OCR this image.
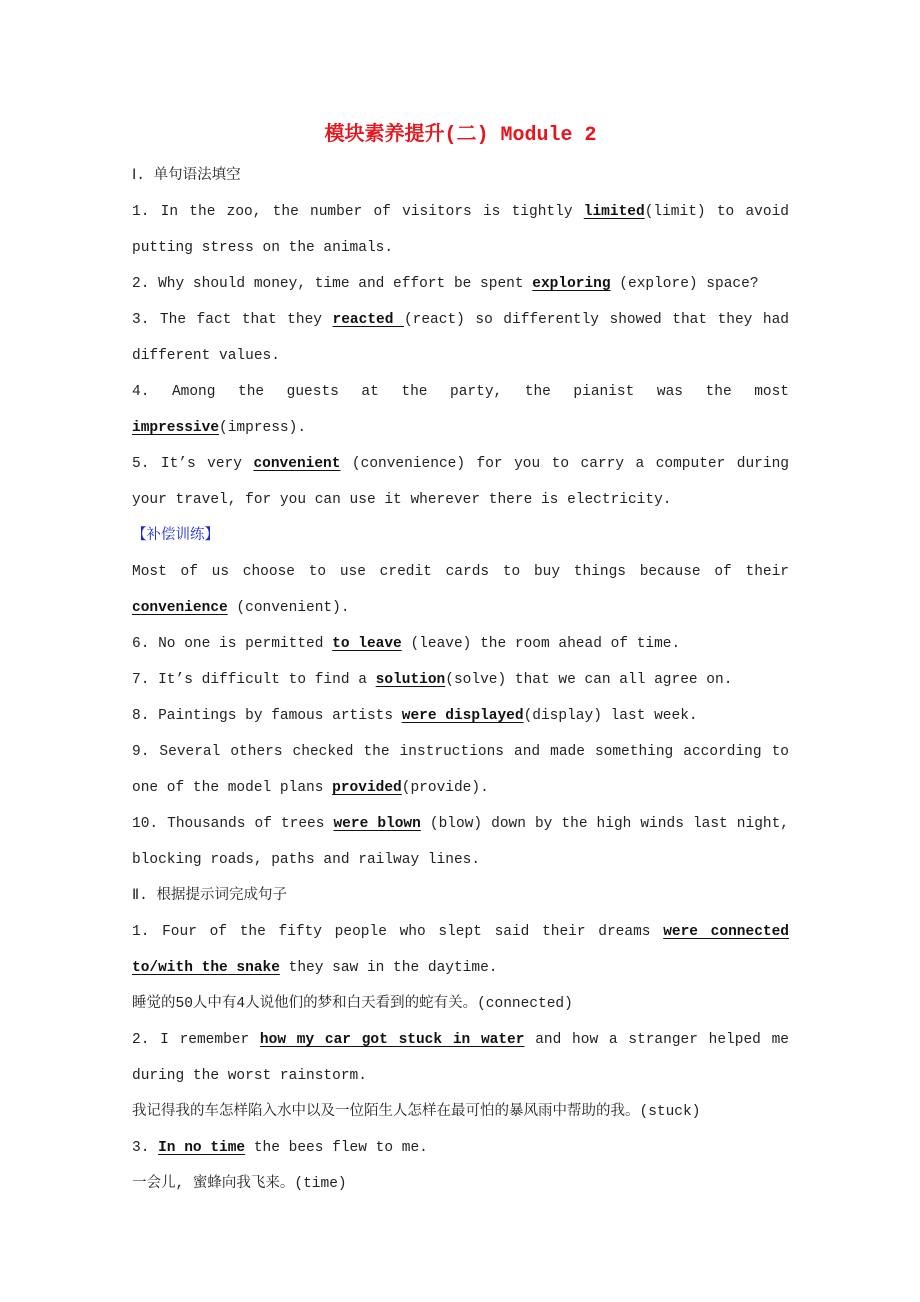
模块素养提升(二) Module 2

Ⅰ. 单句语法填空

1. In the zoo, the number of visitors is tightly limited(limit) to avoid putting stress on the animals.

2. Why should money, time and effort be spent exploring (explore) space?

3. The fact that they reacted (react) so differently showed that they had different values.

4. Among the guests at the party, the pianist was the most impressive(impress).

5. It’s very convenient (convenience) for you to carry a computer during your travel, for you can use it wherever there is electricity.

【补偿训练】

Most of us choose to use credit cards to buy things because of their convenience (convenient).

6. No one is permitted to leave (leave) the room ahead of time.

7. It’s difficult to find a solution(solve) that we can all agree on.

8. Paintings by famous artists were displayed(display) last week.

9. Several others checked the instructions and made something according to one of the model plans provided(provide).

10. Thousands of trees were blown (blow) down by the high winds last night, blocking roads, paths and railway lines.

Ⅱ. 根据提示词完成句子

1. Four of the fifty people who slept said their dreams were connected to/with the snake they saw in the daytime.

睡觉的50人中有4人说他们的梦和白天看到的蛇有关。(connected)

2. I remember how my car got stuck in water and how a stranger helped me during the worst rainstorm.

我记得我的车怎样陷入水中以及一位陌生人怎样在最可怕的暴风雨中帮助的我。(stuck)

3. In no time the bees flew to me.

一会儿, 蜜蜂向我飞来。(time)
